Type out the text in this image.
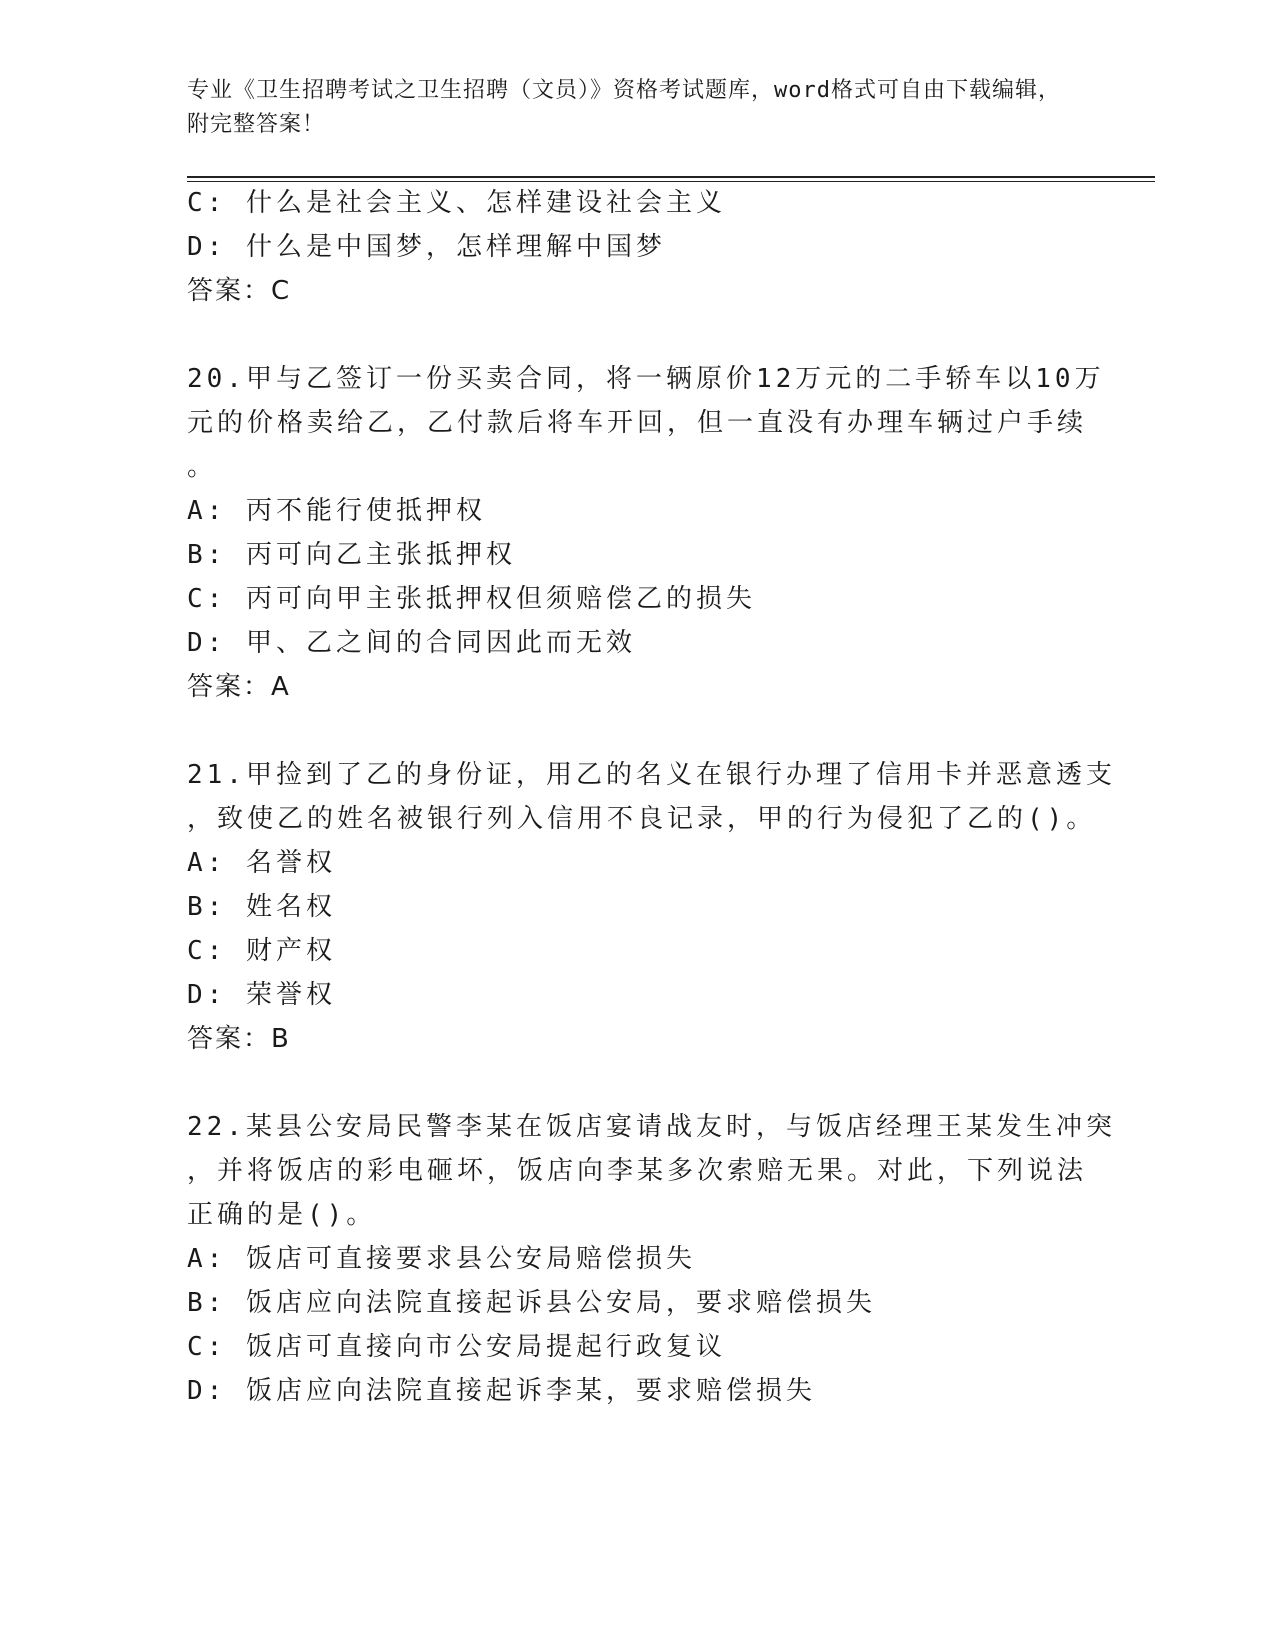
专业《卫生招聘考试之卫生招聘（文员）》资格考试题库，word格式可自由下载编辑，附完整答案！
C: 什么是社会主义、怎样建设社会主义
D: 什么是中国梦，怎样理解中国梦
答案：C
20.甲与乙签订一份买卖合同，将一辆原价12万元的二手轿车以10万
元的价格卖给乙，乙付款后将车开回，但一直没有办理车辆过户手续
。
A: 丙不能行使抵押权
B: 丙可向乙主张抵押权
C: 丙可向甲主张抵押权但须赔偿乙的损失
D: 甲、乙之间的合同因此而无效
答案：A
21.甲捡到了乙的身份证，用乙的名义在银行办理了信用卡并恶意透支
，致使乙的姓名被银行列入信用不良记录，甲的行为侵犯了乙的()。
A: 名誉权
B: 姓名权
C: 财产权
D: 荣誉权
答案：B
22.某县公安局民警李某在饭店宴请战友时，与饭店经理王某发生冲突
，并将饭店的彩电砸坏，饭店向李某多次索赔无果。对此，下列说法
正确的是()。
A: 饭店可直接要求县公安局赔偿损失
B: 饭店应向法院直接起诉县公安局，要求赔偿损失
C: 饭店可直接向市公安局提起行政复议
D: 饭店应向法院直接起诉李某，要求赔偿损失
